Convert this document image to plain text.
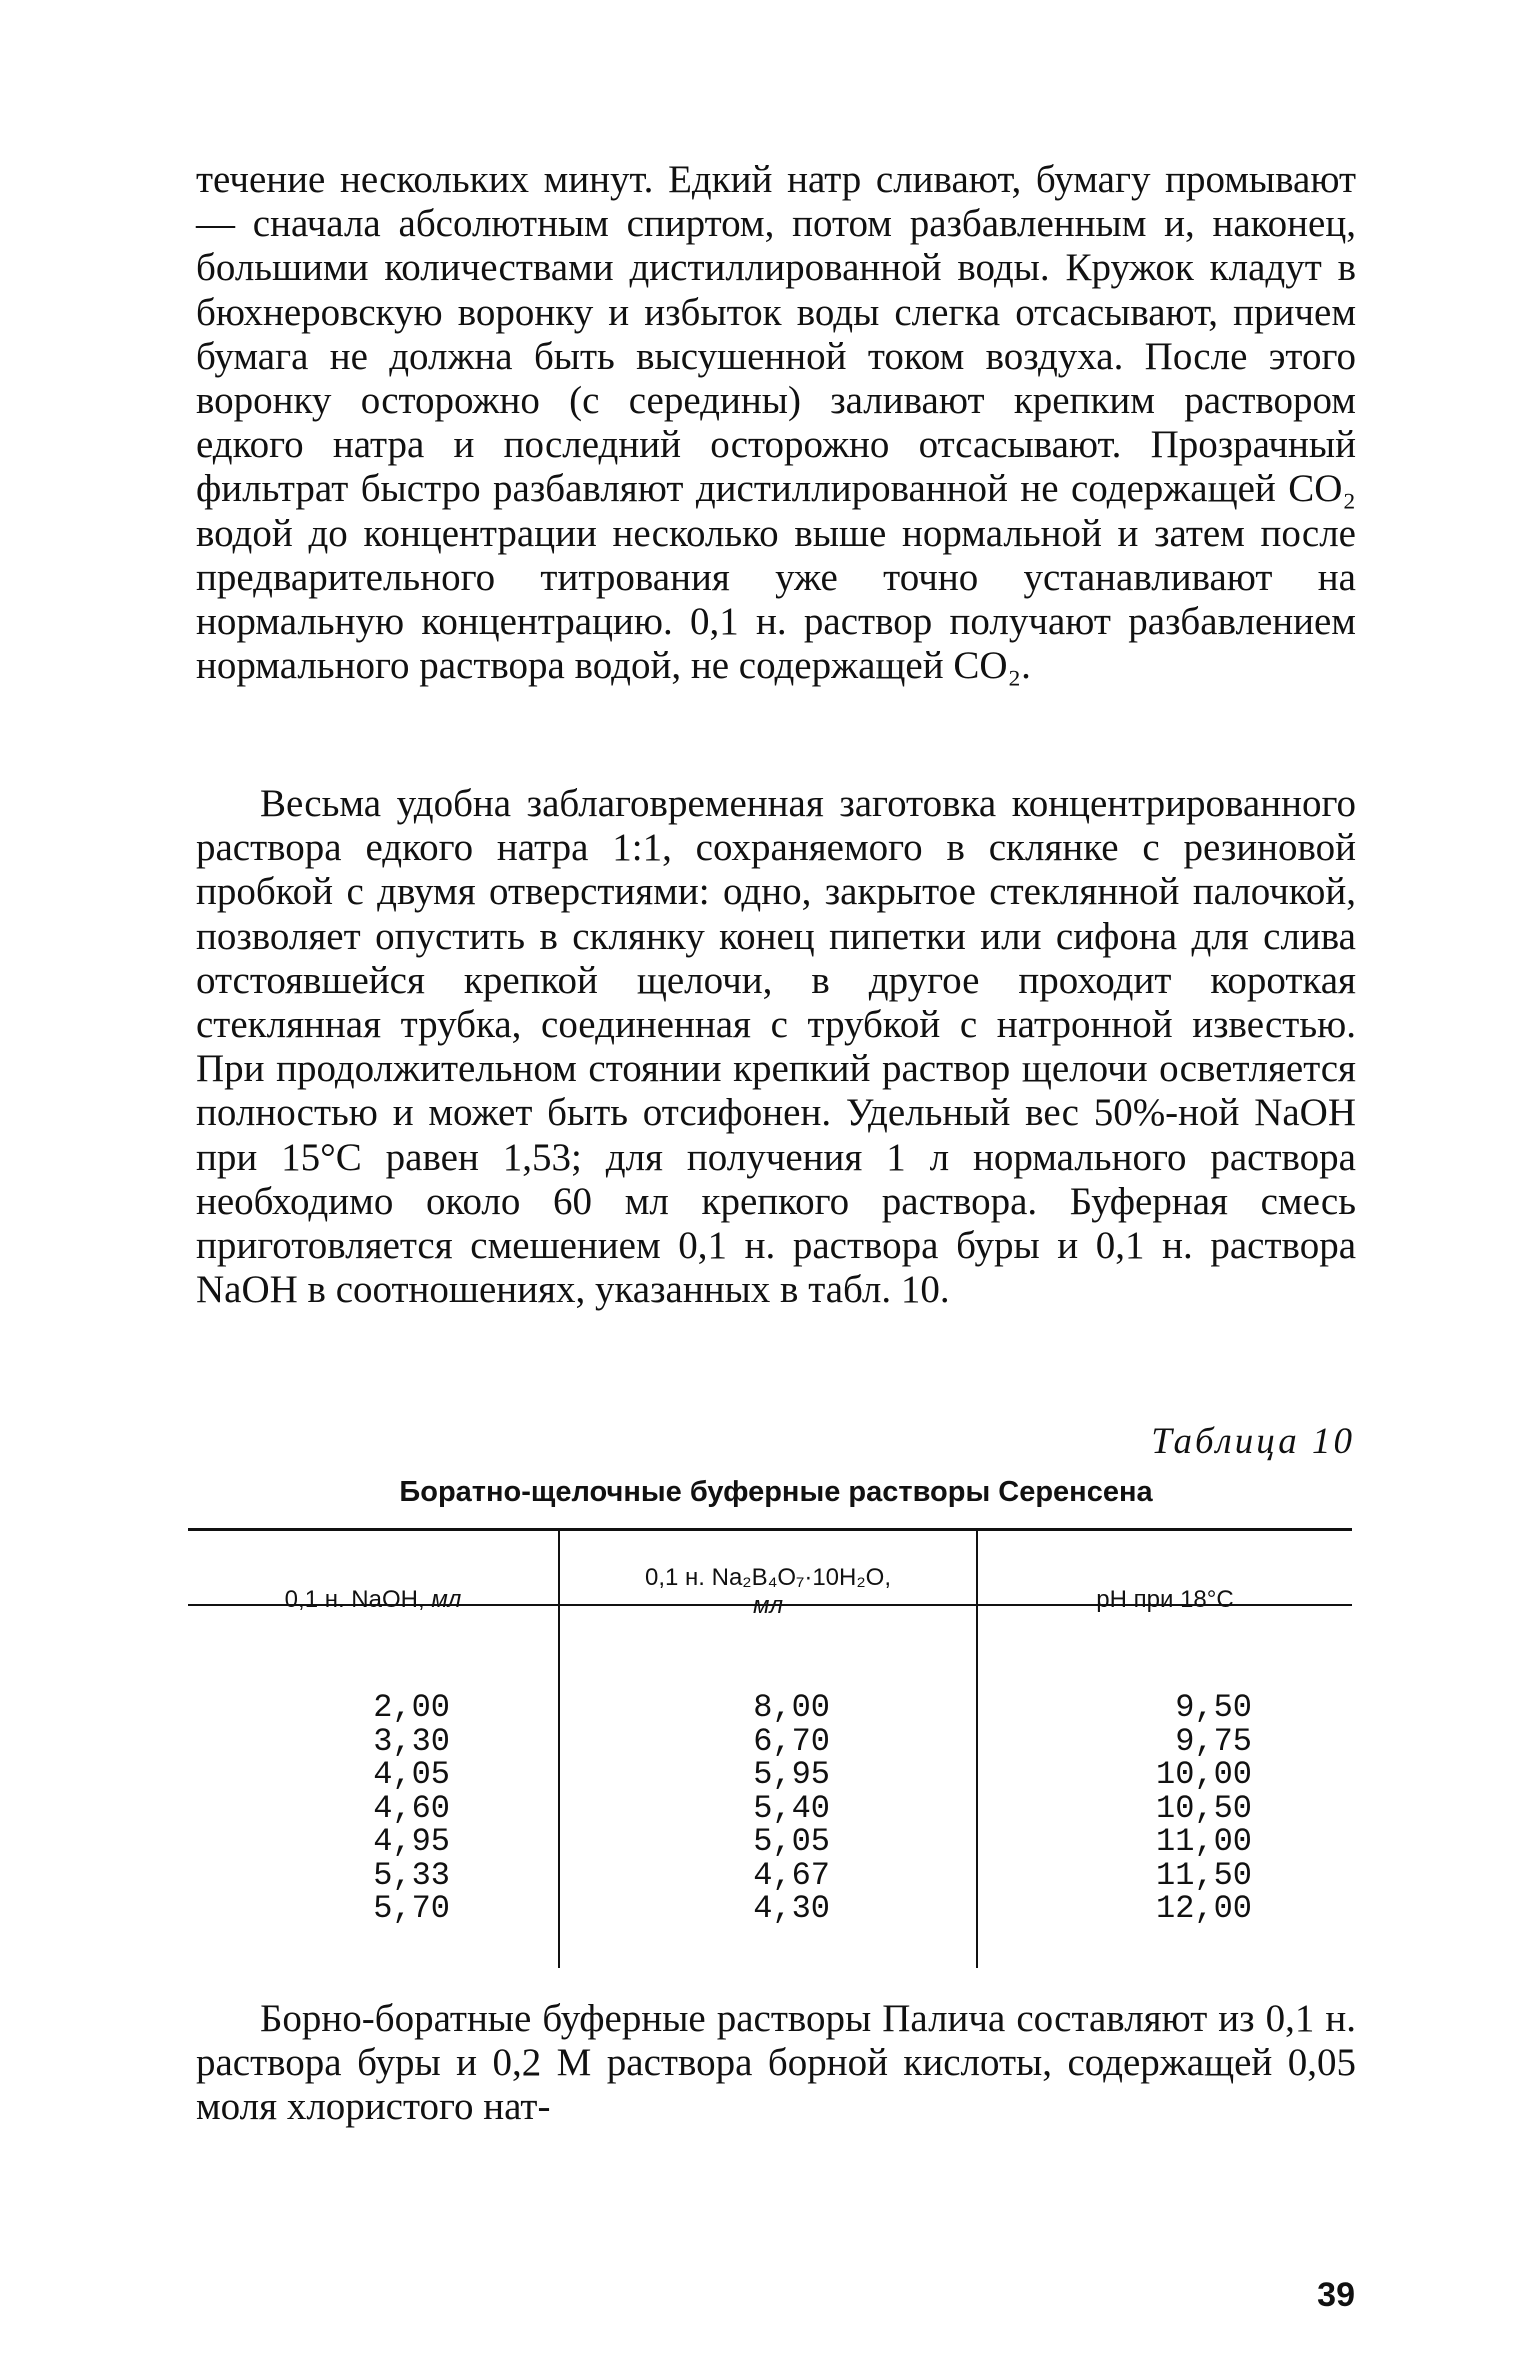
течение нескольких минут. Едкий натр сливают, бумагу промывают — сначала абсолютным спиртом, потом разбавленным и, наконец, большими количествами дистиллированной воды. Кружок кладут в бюхнеровскую воронку и избыток воды слегка отсасывают, причем бумага не должна быть высушенной током воздуха. После этого воронку осторожно (с середины) заливают крепким раствором едкого натра и последний осторожно отсасывают. Прозрачный фильтрат быстро разбавляют дистиллированной не содержащей СО₂ водой до концентрации несколько выше нормальной и затем после предварительного титрования уже точно устанавливают на нормальную концентрацию. 0,1 н. раствор получают разбавлением нормального раствора водой, не содержащей СО₂.

Весьма удобна заблаговременная заготовка концентрированного раствора едкого натра 1:1, сохраняемого в склянке с резиновой пробкой с двумя отверстиями: одно, закрытое стеклянной палочкой, позволяет опустить в склянку конец пипетки или сифона для слива отстоявшейся крепкой щелочи, в другое проходит короткая стеклянная трубка, соединенная с трубкой с натронной известью. При продолжительном стоянии крепкий раствор щелочи осветляется полностью и может быть отсифонен. Удельный вес 50%-ной NaOH при 15°С равен 1,53; для получения 1 л нормального раствора необходимо около 60 мл крепкого раствора. Буферная смесь приготовляется смешением 0,1 н. раствора буры и 0,1 н. раствора NaOH в соотношениях, указанных в табл. 10.

Таблица 10
Боратно-щелочные буферные растворы Серенсена
0,1 н. NaOH, мл
0,1 н. Na₂B₄O₇·10H₂O,
мл	pH при 18°C
2,00
3,30
4,05
4,60
4,95
5,33
5,70
8,00
6,70
5,95
5,40
5,05
4,67
4,30
9,50
9,75
10,00
10,50
11,00
11,50
12,00

Борно-боратные буферные растворы Палича составляют из 0,1 н. раствора буры и 0,2 М раствора борной кислоты, содержащей 0,05 моля хлористого нат-

39
